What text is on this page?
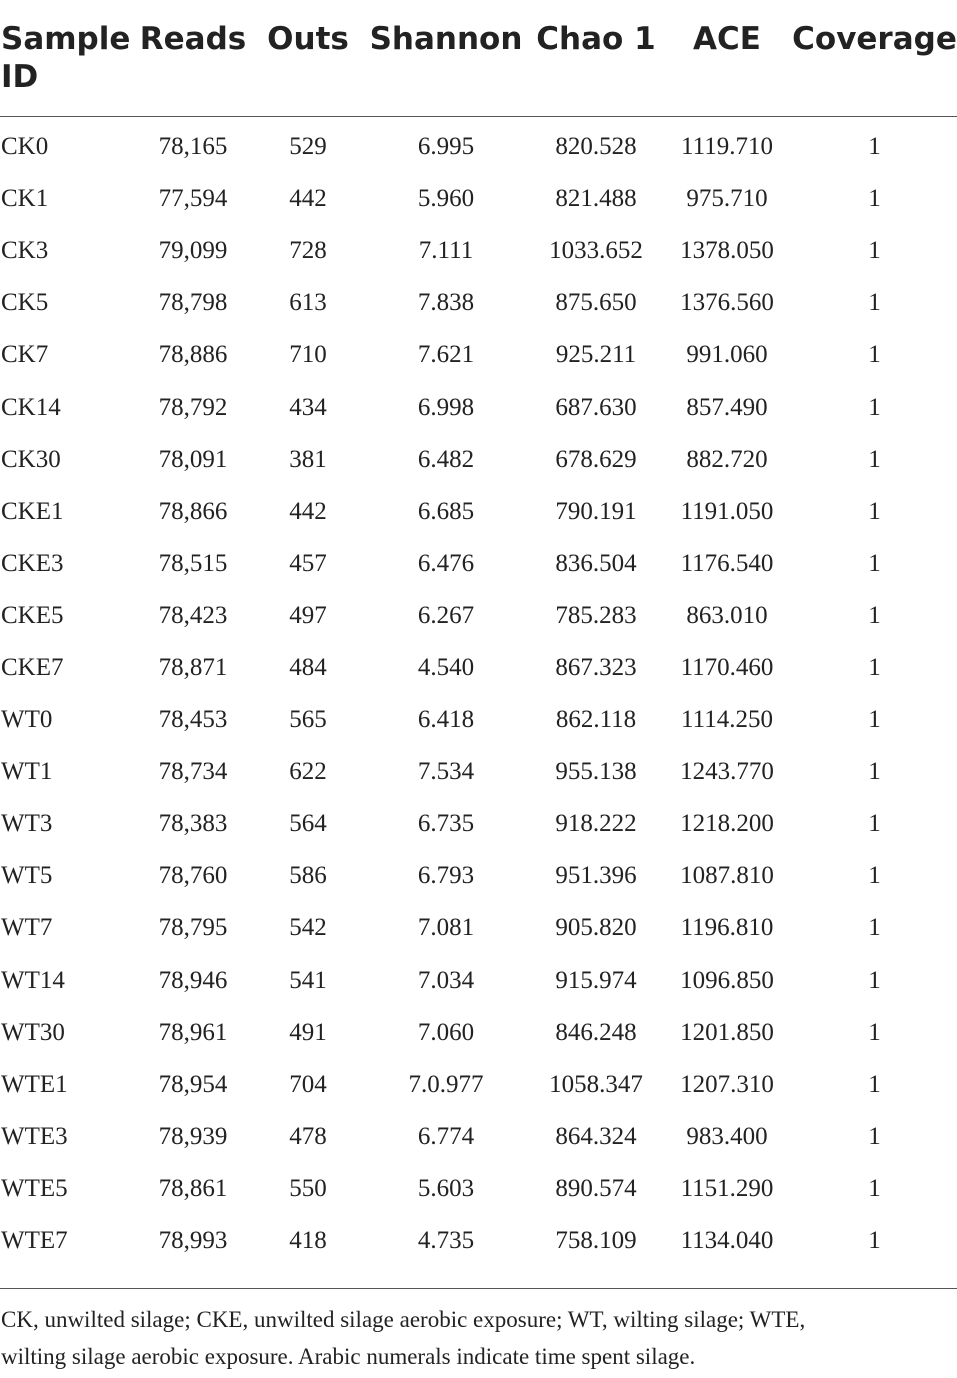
Sample ID	Reads	Outs	Shannon	Chao 1	ACE	Coverage
CK0	78,165	529	6.995	820.528	1119.710	1
CK1	77,594	442	5.960	821.488	975.710	1
CK3	79,099	728	7.111	1033.652	1378.050	1
CK5	78,798	613	7.838	875.650	1376.560	1
CK7	78,886	710	7.621	925.211	991.060	1
CK14	78,792	434	6.998	687.630	857.490	1
CK30	78,091	381	6.482	678.629	882.720	1
CKE1	78,866	442	6.685	790.191	1191.050	1
CKE3	78,515	457	6.476	836.504	1176.540	1
CKE5	78,423	497	6.267	785.283	863.010	1
CKE7	78,871	484	4.540	867.323	1170.460	1
WT0	78,453	565	6.418	862.118	1114.250	1
WT1	78,734	622	7.534	955.138	1243.770	1
WT3	78,383	564	6.735	918.222	1218.200	1
WT5	78,760	586	6.793	951.396	1087.810	1
WT7	78,795	542	7.081	905.820	1196.810	1
WT14	78,946	541	7.034	915.974	1096.850	1
WT30	78,961	491	7.060	846.248	1201.850	1
WTE1	78,954	704	7.0.977	1058.347	1207.310	1
WTE3	78,939	478	6.774	864.324	983.400	1
WTE5	78,861	550	5.603	890.574	1151.290	1
WTE7	78,993	418	4.735	758.109	1134.040	1
CK, unwilted silage; CKE, unwilted silage aerobic exposure; WT, wilting silage; WTE,
wilting silage aerobic exposure. Arabic numerals indicate time spent silage.
